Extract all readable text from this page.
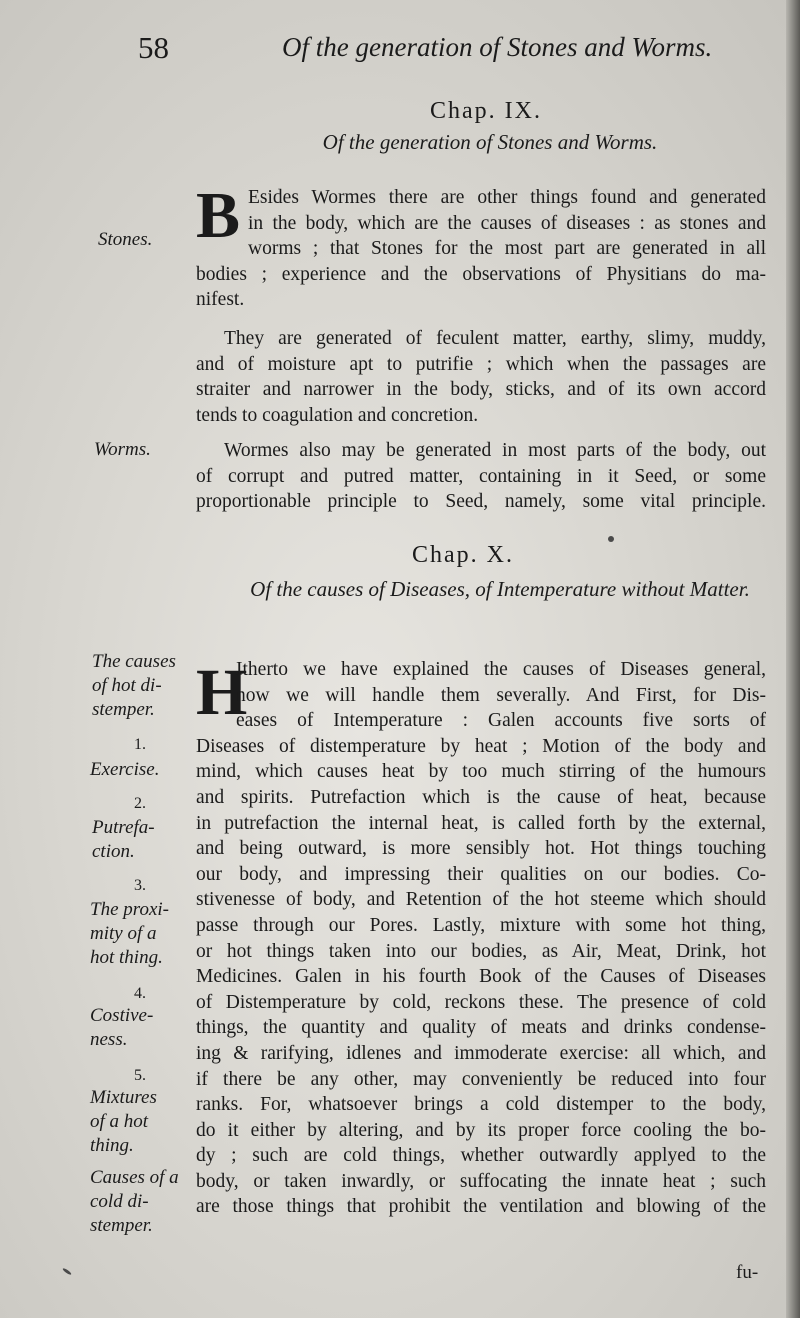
58	Of the generation of Stones and Worms.
Chap. IX.
Of the generation of Stones and Worms.
B Esides Wormes there are other things found and generated
in the body, which are the causes of diseases : as stones and
worms ; that Stones for the most part are generated in all
bodies ; experience and the observations of Physitians do ma-
nifest.
They are generated of feculent matter, earthy, slimy, muddy,
and of moisture apt to putrifie ; which when the passages are
straiter and narrower in the body, sticks, and of its own accord
tends to coagulation and concretion.
Wormes also may be generated in most parts of the body, out
of corrupt and putred matter, containing in it Seed, or some
proportionable principle to Seed, namely, some vital principle.
Chap. X.
Of the causes of Diseases, of Intemperature without Matter.
H
Itherto we have explained the causes of Diseases general,
now we will handle them severally. And First, for Dis-
eases of Intemperature : Galen accounts five sorts of
Diseases of distemperature by heat ; Motion of the body and
mind, which causes heat by too much stirring of the humours
and spirits. Putrefaction which is the cause of heat, because
in putrefaction the internal heat, is called forth by the external,
and being outward, is more sensibly hot. Hot things touching
our body, and impressing their qualities on our bodies. Co-
stivenesse of body, and Retention of the hot steeme which should
passe through our Pores. Lastly, mixture with some hot thing,
or hot things taken into our bodies, as Air, Meat, Drink, hot
Medicines. Galen in his fourth Book of the Causes of Diseases
of Distemperature by cold, reckons these. The presence of cold
things, the quantity and quality of meats and drinks condense-
ing & rarifying, idlenes and immoderate exercise: all which, and
if there be any other, may conveniently be reduced into four
ranks. For, whatsoever brings a cold distemper to the body,
do it either by altering, and by its proper force cooling the bo-
dy ; such are cold things, whether outwardly applyed to the
body, or taken inwardly, or suffocating the innate heat ; such
are those things that prohibit the ventilation and blowing of the
fu-
Stones.
Worms.
The causes
of hot di-
stemper.
1.
Exercise.
2.
Putrefa-
ction.
3.
The proxi-
mity of a
hot thing.
4.
Costive-
ness.
5.
Mixtures
of a hot
thing.
Causes of a
cold di-
stemper.
